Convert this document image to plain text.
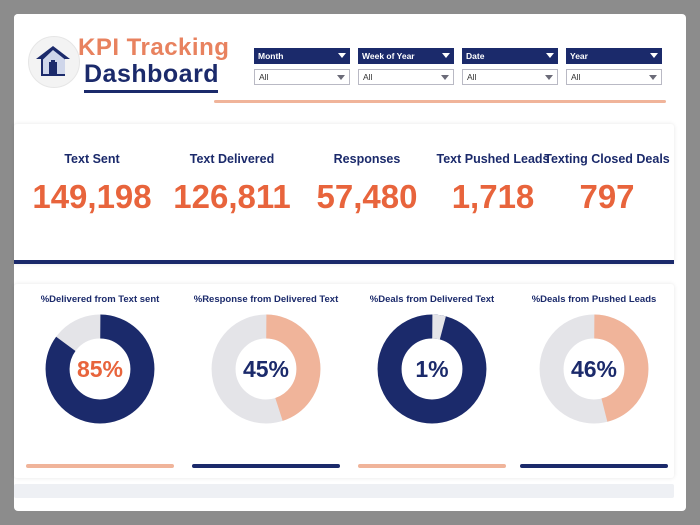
KPI Tracking
Dashboard
Month
All
Week of Year
All
Date
All
Year
All
Text Sent
149,198
Text Delivered
126,811
Responses
57,480
Text Pushed Leads
1,718
Texting Closed Deals
797
%Delivered from Text sent
85%
%Response from Delivered Text
45%
%Deals from Delivered Text
1%
%Deals from Pushed Leads
46%
